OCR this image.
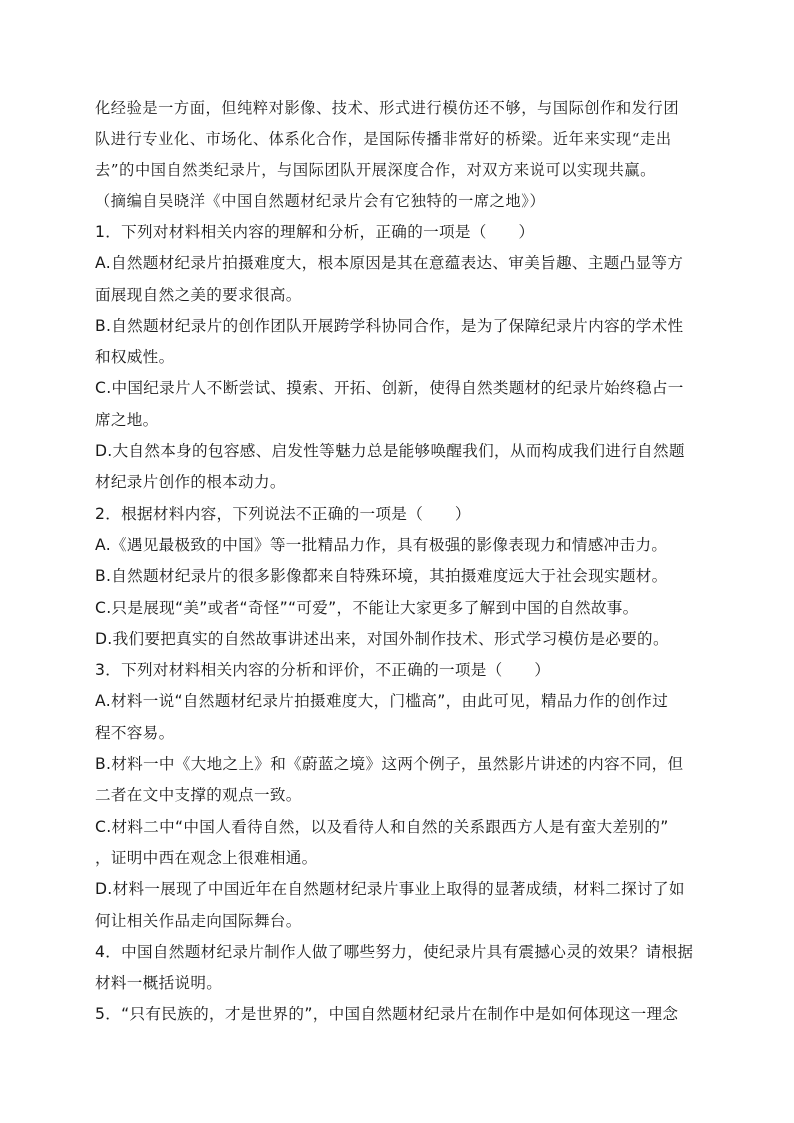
化经验是一方面，但纯粹对影像、技术、形式进行模仿还不够，与国际创作和发行团

队进行专业化、市场化、体系化合作，是国际传播非常好的桥梁。近年来实现“走出

去”的中国自然类纪录片，与国际团队开展深度合作，对双方来说可以实现共赢。

（摘编自吴晓洋《中国自然题材纪录片会有它独特的一席之地》）

1．下列对材料相关内容的理解和分析，正确的一项是（　　）

A.自然题材纪录片拍摄难度大，根本原因是其在意蕴表达、审美旨趣、主题凸显等方

面展现自然之美的要求很高。

B.自然题材纪录片的创作团队开展跨学科协同合作，是为了保障纪录片内容的学术性

和权威性。

C.中国纪录片人不断尝试、摸索、开拓、创新，使得自然类题材的纪录片始终稳占一

席之地。

D.大自然本身的包容感、启发性等魅力总是能够唤醒我们，从而构成我们进行自然题

材纪录片创作的根本动力。

2．根据材料内容，下列说法不正确的一项是（　　）

A.《遇见最极致的中国》等一批精品力作，具有极强的影像表现力和情感冲击力。

B.自然题材纪录片的很多影像都来自特殊环境，其拍摄难度远大于社会现实题材。

C.只是展现“美”或者“奇怪”“可爱”，不能让大家更多了解到中国的自然故事。

D.我们要把真实的自然故事讲述出来，对国外制作技术、形式学习模仿是必要的。

3．下列对材料相关内容的分析和评价，不正确的一项是（　　）

A.材料一说“自然题材纪录片拍摄难度大，门槛高”，由此可见，精品力作的创作过

程不容易。

B.材料一中《大地之上》和《蔚蓝之境》这两个例子，虽然影片讲述的内容不同，但

二者在文中支撑的观点一致。

C.材料二中“中国人看待自然，以及看待人和自然的关系跟西方人是有蛮大差别的”

，证明中西在观念上很难相通。

D.材料一展现了中国近年在自然题材纪录片事业上取得的显著成绩，材料二探讨了如

何让相关作品走向国际舞台。

4．中国自然题材纪录片制作人做了哪些努力，使纪录片具有震撼心灵的效果？请根据

材料一概括说明。

5．“只有民族的，才是世界的”，中国自然题材纪录片在制作中是如何体现这一理念
